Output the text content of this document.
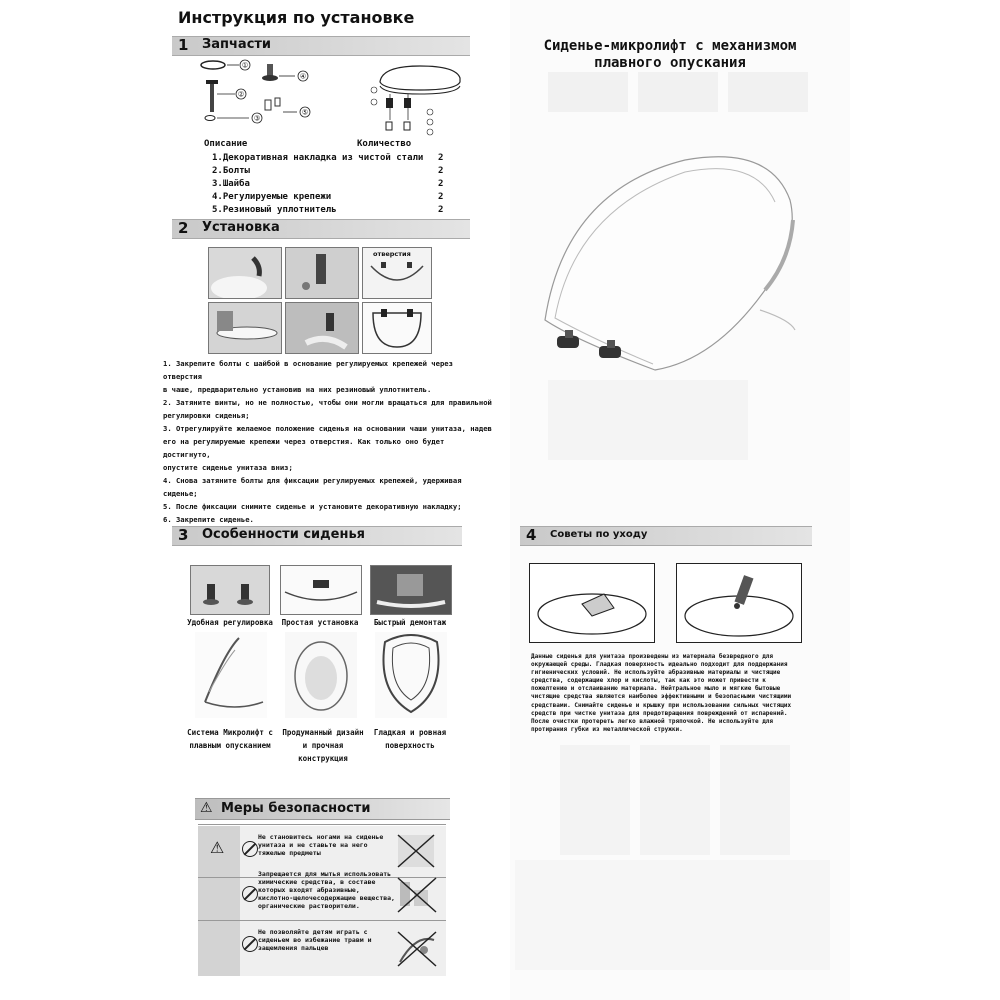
Инструкция по установке
1 Запчасти
①
②
③
④
⑤
Описание	Количество
1.Декоративная накладка из чистой стали 2
2.Болты	2
3.Шайба	2
4.Регулируемые крепежи	2
5.Резиновый уплотнитель	2
2 Установка
отверстия
1. Закрепите болты с шайбой в основание регулируемых крепежей через отверстия
в чаше, предварительно установив на них резиновый уплотнитель.
2. Затяните винты, но не полностью, чтобы они могли вращаться для правильной
регулировки сиденья;
3. Отрегулируйте желаемое положение сиденья на основании чаши унитаза, надев
его на регулируемые крепежи через отверстия. Как только оно будет достигнуто,
опустите сиденье унитаза вниз;
4. Снова затяните болты для фиксации регулируемых крепежей, удерживая сиденье;
5. После фиксации снимите сиденье и установите декоративную накладку;
6. Закрепите сиденье.
Сиденье-микролифт с механизмом
плавного опускания
3 Особенности сиденья
Удобная регулировка	Простая установка	Быстрый демонтаж
Система Микролифт с плавным опусканием
Продуманный дизайн и прочная конструкция
Гладкая и ровная поверхность
4 Советы по уходу
Данные сиденья для унитаза произведены из материала безвредного для
окружающей среды. Гладкая поверхность идеально подходит для поддержания
гигиенических условий. Не используйте абразивные материалы и чистящие
средства, содержащие хлор и кислоты, так как это может привести к
пожелтению и отслаиванию материала. Нейтральное мыло и мягкие бытовые
чистящие средства являются наиболее эффективными и безопасными чистящими
средствами. Снимайте сиденье и крышку при использовании сильных чистящих
средств при чистке унитаза для предотвращения повреждений от испарений.
После очистки протереть легко влажной тряпочкой. Не используйте для
протирания губки из металлической стружки.
⚠ Меры безопасности
⚠
Не становитесь ногами на сиденье унитаза и не ставьте на него тяжелые предметы
Запрещается для мытья использовать химические средства, в составе которых входят абразивные, кислотно-щелочесодержащие вещества, органические растворители.
Не позволяйте детям играть с сиденьем во избежание травм и защемления пальцев
